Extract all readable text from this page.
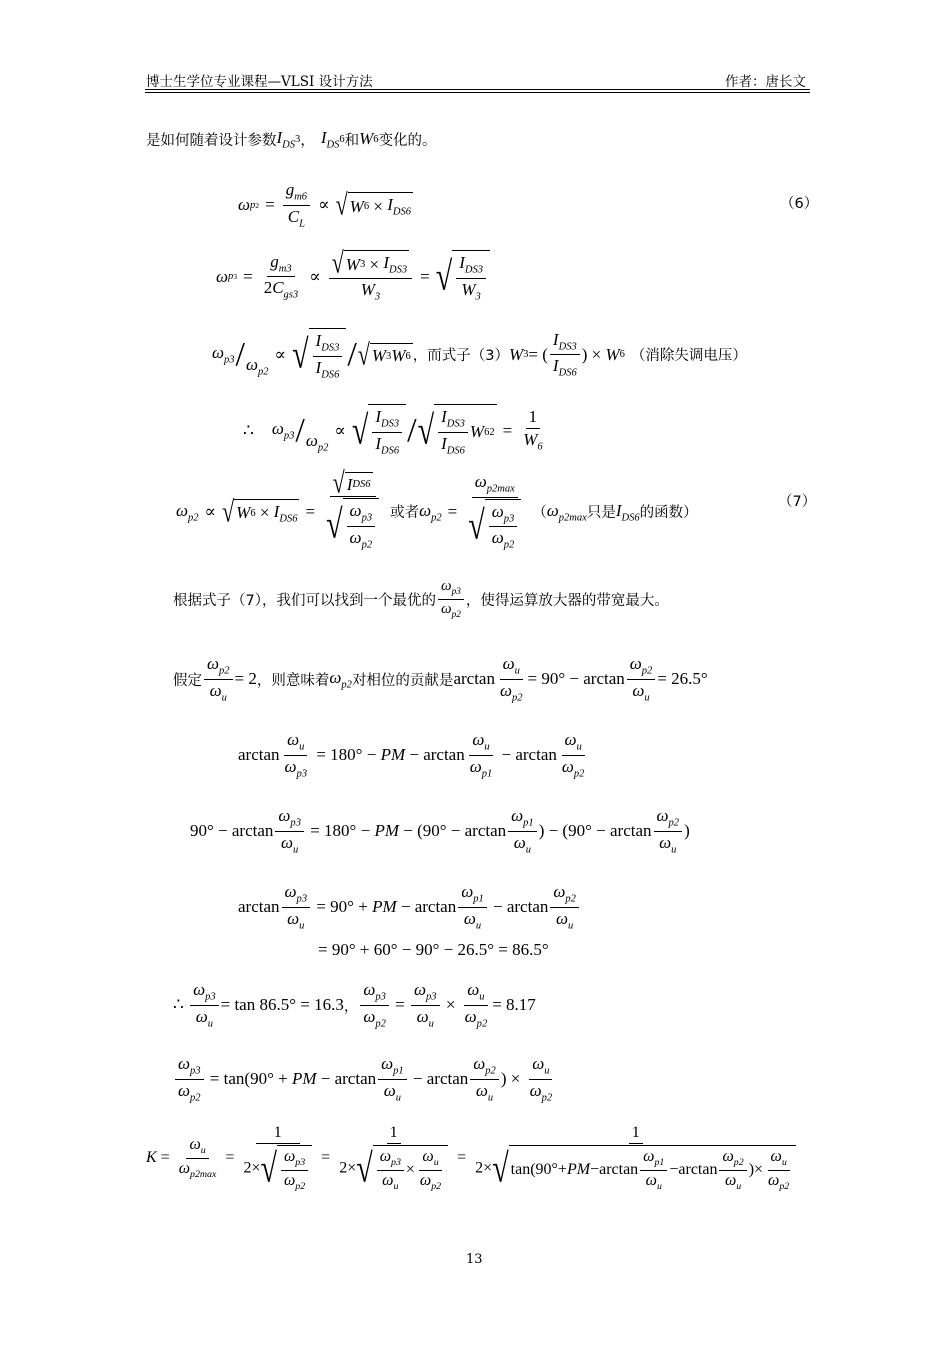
博士生学位专业课程—VLSI 设计方法	作者：唐长文
是如何随着设计参数 $I_{DS}$
3 ， $I_{DS}$
6 和 W 6 变化的。
ω p $2 = \frac{g_{m6}}{C_L}$ ∝ √ W $6 \times I_{DS6}$
（6）
ω p $3 = \frac{g_{m3}}{2C_{gs3}} \propto \frac{√ W 3 \times I_{DS3}}{W_3}$ = √ $\frac{I_{DS3}}{W_3}$
$\omega_{p3} / \omega_{p2}$
∝ √ $\frac{I_{DS3}}{I_{DS6}}$ / √ W 3 W 6 ，而式子（3） W 3 = ( $\frac{I_{DS3}}{I_{DS6}}$ ) × W 6 （消除失调电压）
∴ $\omega_{p3} / \omega_{p2}$
∝ √ $\frac{I_{DS3}}{I_{DS6}}$ / √ $\frac{I_{DS3}}{I_{DS6}}$ W 6 $2 = \frac{1}{W_6}$
$\omega_{p2}$ ∝ √ W $6 \times I_{DS6} = \frac{\text{√ I DS6}}{√ \frac{\omega_{p3}}{\omega_{p2}}}$ 或者 $\omega_{p2} = \frac{\omega_{p2max}}{√ \frac{\omega_{p3}}{\omega_{p2}}}$ （ $\omega_{p2max}$ 只是 $I_{DS6}$ 的函数）
（7）
根据式子（7），我们可以找到一个最优的 $\frac{\omega_{p3}}{\omega_{p2}}$ ，使得运算放大器的带宽最大。
假定 $\frac{\omega_{p2}}{\omega_u} = 2$ ，则意味着 $\omega_{p2}$ 对相位的贡献是 $\arctan \frac{\omega_u}{\omega_{p2}} = 90^\circ - \arctan \frac{\omega_{p2}}{\omega_u} = 26.5^\circ$
$\arctan \frac{\omega_u}{\omega_{p3}} = 180^\circ$ − PM − $\arctan \frac{\omega_u}{\omega_{p1}} - \arctan \frac{\omega_u}{\omega_{p2}}$
$90^\circ - \arctan \frac{\omega_{p3}}{\omega_u} = 180^\circ$ − PM − ($90^\circ - \arctan \frac{\omega_{p1}}{\omega_u}$ ) − ($90^\circ - \arctan \frac{\omega_{p2}}{\omega_u}$ )
$\arctan \frac{\omega_{p3}}{\omega_u} = 90^\circ$ + PM − $\arctan \frac{\omega_{p1}}{\omega_u} - \arctan \frac{\omega_{p2}}{\omega_u}$
= 90° + 60° − 90° − 26.5° = 86.5°
∴ $\frac{\omega_{p3}}{\omega_u} = \tan 86.5^\circ = 16.3$ ， $\frac{\omega_{p3}}{\omega_{p2}} = \frac{\omega_{p3}}{\omega_u} \times \frac{\omega_u}{\omega_{p2}} = 8.17$
$\frac{\omega_{p3}}{\omega_{p2}} = \tan(90^\circ$ + PM − $\arctan \frac{\omega_{p1}}{\omega_u} - \arctan \frac{\omega_{p2}}{\omega_u}$ ) × $\frac{\omega_u}{\omega_{p2}}$
$K = \frac{\omega_u}{\omega_{p2max}} = \frac{1}{2\times √ \frac{\omega_{p3}}{\omega_{p2}}} = \frac{1}{2\times √ \frac{\omega_{p3}}{\omega_u} \times \frac{\omega_u}{\omega_{p2}}} = \frac{1}{2\times √ \tan(90^\circ+ PM -\arctan \frac{\omega_{p1}}{\omega_u} -\arctan \frac{\omega_{p2}}{\omega_u} )\times \frac{\omega_u}{\omega_{p2}}}$
13
